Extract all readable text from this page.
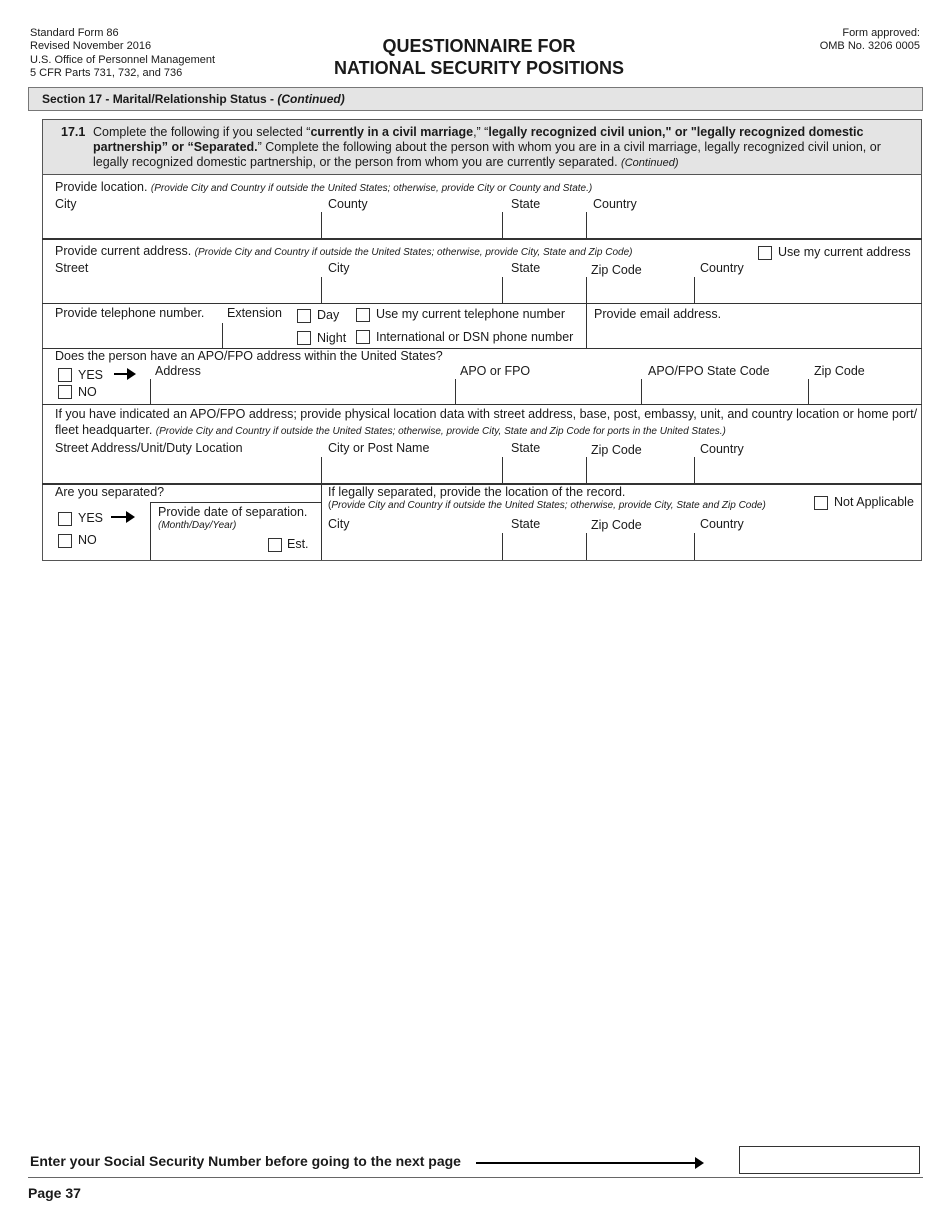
Standard Form 86
Revised November 2016
U.S. Office of Personnel Management
5 CFR Parts 731, 732, and 736
QUESTIONNAIRE FOR
NATIONAL SECURITY POSITIONS
Form approved:
OMB No. 3206 0005
Section 17 - Marital/Relationship Status - (Continued)
17.1 Complete the following if you selected “currently in a civil marriage,” “legally recognized civil union," or "legally recognized domestic partnership” or “Separated.” Complete the following about the person with whom you are in a civil marriage, legally recognized civil union, or legally recognized domestic partnership, or the person from whom you are currently separated. (Continued)
Provide location. (Provide City and Country if outside the United States; otherwise, provide City or County and State.)
City	County	State	Country
Provide current address. (Provide City and Country if outside the United States; otherwise, provide City, State and Zip Code)	Use my current address
Street	City	State	Zip Code	Country
Provide telephone number. Extension	Day
Night
Use my current telephone number
International or DSN phone number
Provide email address.
Does the person have an APO/FPO address within the United States?
YES
NO
Address	APO or FPO	APO/FPO State Code	Zip Code
If you have indicated an APO/FPO address; provide physical location data with street address, base, post, embassy, unit, and country location or home port/
fleet headquarter. (Provide City and Country if outside the United States; otherwise, provide City, State and Zip Code for ports in the United States.)
Street Address/Unit/Duty Location	City or Post Name	State	Zip Code	Country
Are you separated?
YES
NO
Provide date of separation.
(Month/Day/Year)
Est.
If legally separated, provide the location of the record.
(Provide City and Country if outside the United States; otherwise, provide City, State and Zip Code)	Not Applicable
City	State	Zip Code	Country
Enter your Social Security Number before going to the next page
Page 37
